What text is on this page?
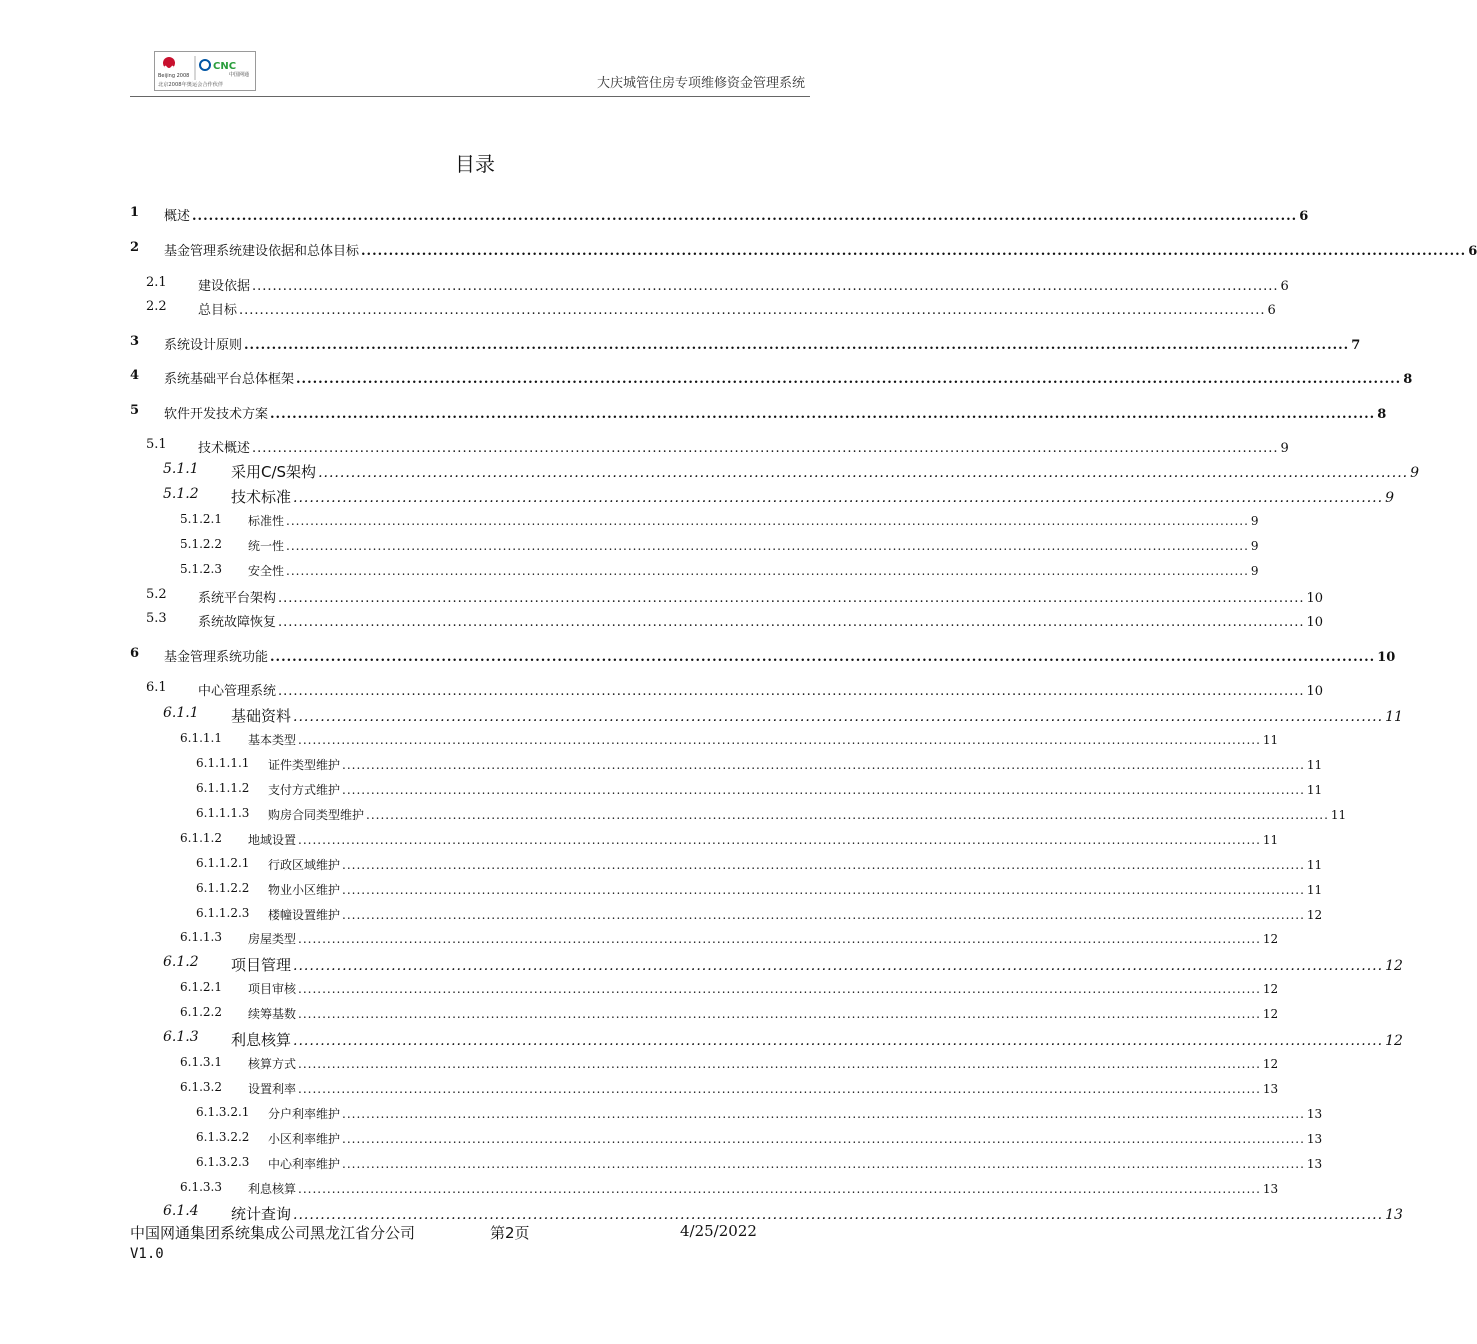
Beijing 2008
CNC
中国网通
北京2008年奥运会合作伙伴	大庆城管住房专项维修资金管理系统
目录
1 概述 ........................................................................................................................................................................................................ 6
2 基金管理系统建设依据和总体目标 ........................................................................................................................................................................................................ 6
2.1 建设依据 ........................................................................................................................................................................................................ 6
2.2 总目标 ........................................................................................................................................................................................................ 6
3 系统设计原则 ........................................................................................................................................................................................................ 7
4 系统基础平台总体框架 ........................................................................................................................................................................................................ 8
5 软件开发技术方案 ........................................................................................................................................................................................................ 8
5.1 技术概述 ........................................................................................................................................................................................................ 9
5.1.1 采用C/S架构 ........................................................................................................................................................................................................ 9
5.1.2 技术标准 ........................................................................................................................................................................................................ 9
5.1.2.1 标准性 ........................................................................................................................................................................................................ 9
5.1.2.2 统一性 ........................................................................................................................................................................................................ 9
5.1.2.3 安全性 ........................................................................................................................................................................................................ 9
5.2 系统平台架构 ........................................................................................................................................................................................................ 10
5.3 系统故障恢复 ........................................................................................................................................................................................................ 10
6 基金管理系统功能 ........................................................................................................................................................................................................ 10
6.1 中心管理系统 ........................................................................................................................................................................................................ 10
6.1.1 基础资料 ........................................................................................................................................................................................................ 11
6.1.1.1 基本类型 ........................................................................................................................................................................................................ 11
6.1.1.1.1 证件类型维护 ........................................................................................................................................................................................................ 11
6.1.1.1.2 支付方式维护 ........................................................................................................................................................................................................ 11
6.1.1.1.3 购房合同类型维护 ........................................................................................................................................................................................................ 11
6.1.1.2 地域设置 ........................................................................................................................................................................................................ 11
6.1.1.2.1 行政区域维护 ........................................................................................................................................................................................................ 11
6.1.1.2.2 物业小区维护 ........................................................................................................................................................................................................ 11
6.1.1.2.3 楼幢设置维护 ........................................................................................................................................................................................................ 12
6.1.1.3 房屋类型 ........................................................................................................................................................................................................ 12
6.1.2 项目管理 ........................................................................................................................................................................................................ 12
6.1.2.1 项目审核 ........................................................................................................................................................................................................ 12
6.1.2.2 续筹基数 ........................................................................................................................................................................................................ 12
6.1.3 利息核算 ........................................................................................................................................................................................................ 12
6.1.3.1 核算方式 ........................................................................................................................................................................................................ 12
6.1.3.2 设置利率 ........................................................................................................................................................................................................ 13
6.1.3.2.1 分户利率维护 ........................................................................................................................................................................................................ 13
6.1.3.2.2 小区利率维护 ........................................................................................................................................................................................................ 13
6.1.3.2.3 中心利率维护 ........................................................................................................................................................................................................ 13
6.1.3.3 利息核算 ........................................................................................................................................................................................................ 13
6.1.4 统计查询 ........................................................................................................................................................................................................ 13
中国网通集团系统集成公司黑龙江省分公司	第2页	4/25/2022
V1.0
